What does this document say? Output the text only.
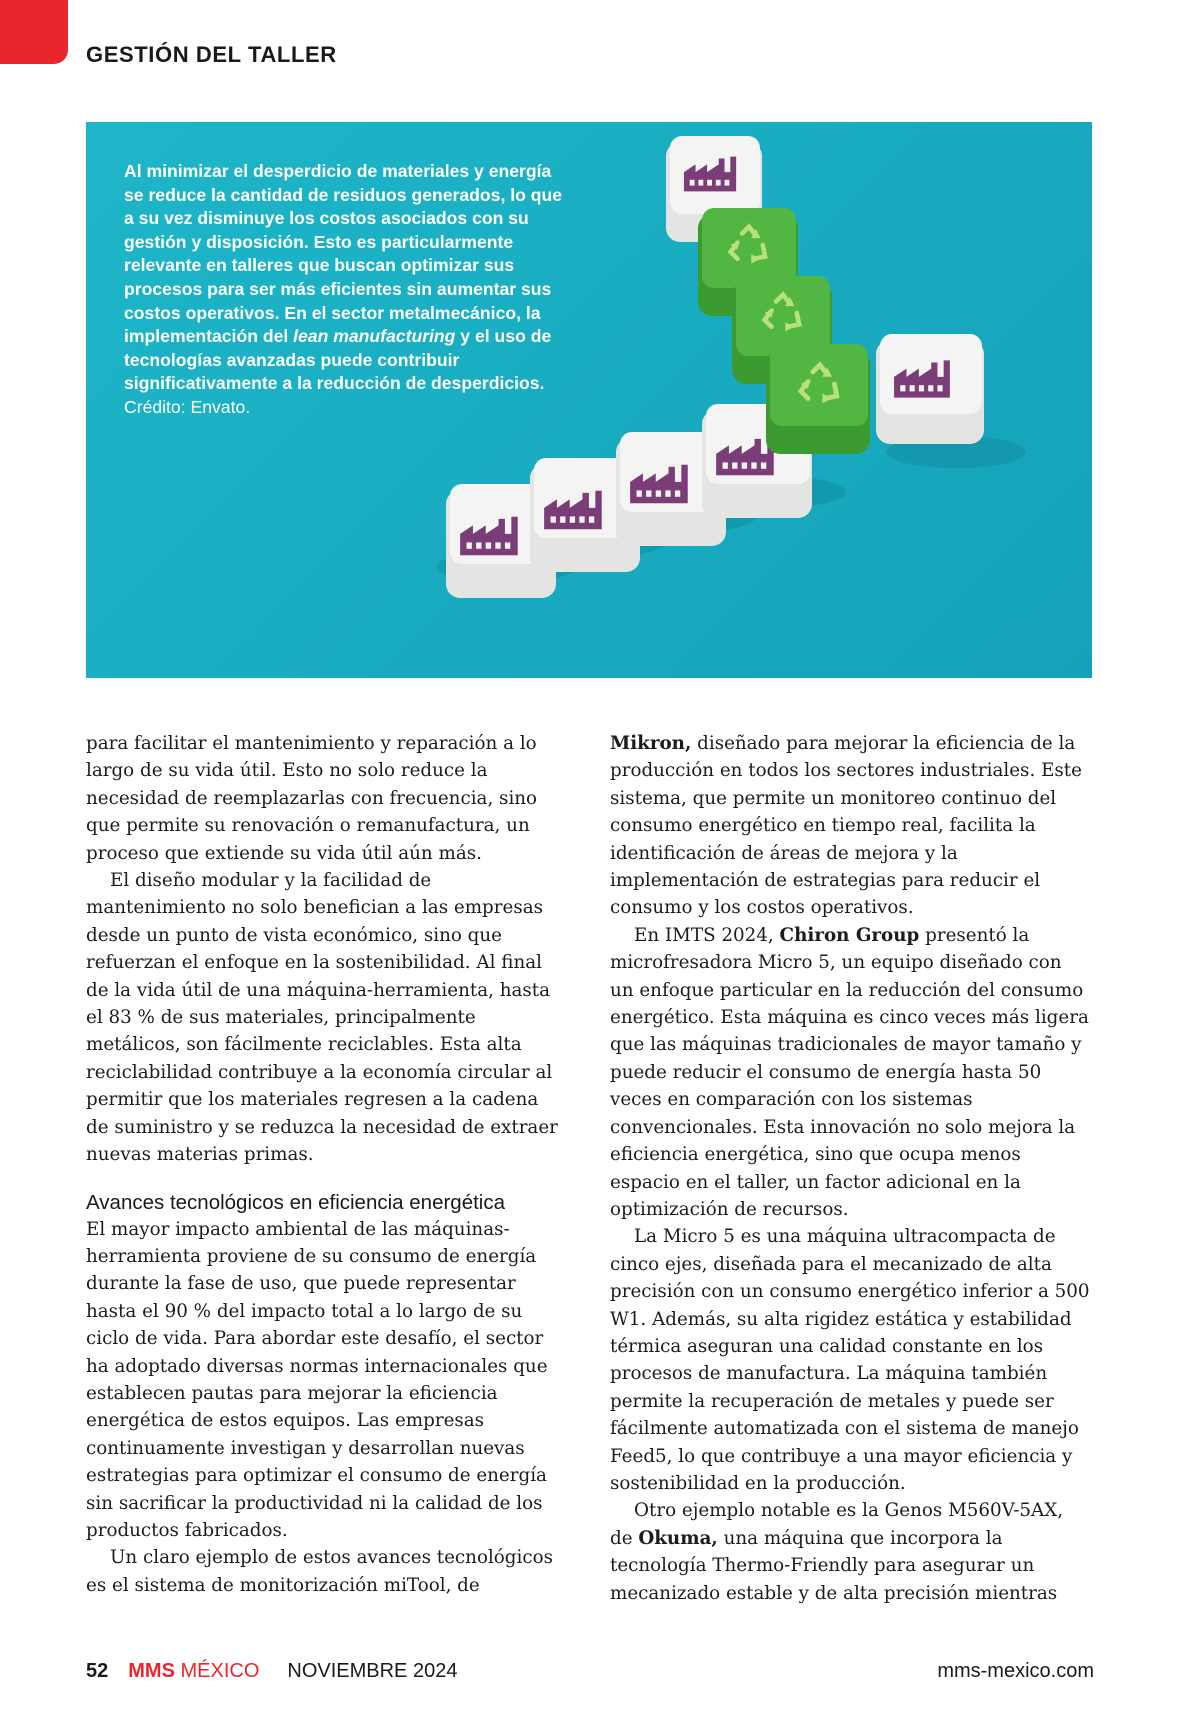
GESTIÓN DEL TALLER

Al minimizar el desperdicio de materiales y energía se reduce la cantidad de residuos generados, lo que a su vez disminuye los costos asociados con su gestión y disposición. Esto es particularmente relevante en talleres que buscan optimizar sus procesos para ser más eficientes sin aumentar sus costos operativos. En el sector metalmecánico, la implementación del lean manufacturing y el uso de tecnologías avanzadas puede contribuir significativamente a la reducción de desperdicios. Crédito: Envato.

para facilitar el mantenimiento y reparación a lo largo de su vida útil. Esto no solo reduce la necesidad de reemplazarlas con frecuencia, sino que permite su renovación o remanufactura, un proceso que extiende su vida útil aún más.

El diseño modular y la facilidad de mantenimiento no solo benefician a las empresas desde un punto de vista económico, sino que refuerzan el enfoque en la sostenibilidad. Al final de la vida útil de una máquina-herramienta, hasta el 83 % de sus materiales, principalmente metálicos, son fácilmente reciclables. Esta alta reciclabilidad contribuye a la economía circular al permitir que los materiales regresen a la cadena de suministro y se reduzca la necesidad de extraer nuevas materias primas.

Avances tecnológicos en eficiencia energética

El mayor impacto ambiental de las máquinas-herramienta proviene de su consumo de energía durante la fase de uso, que puede representar hasta el 90 % del impacto total a lo largo de su ciclo de vida. Para abordar este desafío, el sector ha adoptado diversas normas internacionales que establecen pautas para mejorar la eficiencia energética de estos equipos. Las empresas continuamente investigan y desarrollan nuevas estrategias para optimizar el consumo de energía sin sacrificar la productividad ni la calidad de los productos fabricados.

Un claro ejemplo de estos avances tecnológicos es el sistema de monitorización miTool, de

Mikron, diseñado para mejorar la eficiencia de la producción en todos los sectores industriales. Este sistema, que permite un monitoreo continuo del consumo energético en tiempo real, facilita la identificación de áreas de mejora y la implementación de estrategias para reducir el consumo y los costos operativos.

En IMTS 2024, Chiron Group presentó la microfresadora Micro 5, un equipo diseñado con un enfoque particular en la reducción del consumo energético. Esta máquina es cinco veces más ligera que las máquinas tradicionales de mayor tamaño y puede reducir el consumo de energía hasta 50 veces en comparación con los sistemas convencionales. Esta innovación no solo mejora la eficiencia energética, sino que ocupa menos espacio en el taller, un factor adicional en la optimización de recursos.

La Micro 5 es una máquina ultracompacta de cinco ejes, diseñada para el mecanizado de alta precisión con un consumo energético inferior a 500 W1. Además, su alta rigidez estática y estabilidad térmica aseguran una calidad constante en los procesos de manufactura. La máquina también permite la recuperación de metales y puede ser fácilmente automatizada con el sistema de manejo Feed5, lo que contribuye a una mayor eficiencia y sostenibilidad en la producción.

Otro ejemplo notable es la Genos M560V-5AX, de Okuma, una máquina que incorpora la tecnología Thermo-Friendly para asegurar un mecanizado estable y de alta precisión mientras

52 MMS MÉXICO NOVIEMBRE 2024	mms-mexico.com
